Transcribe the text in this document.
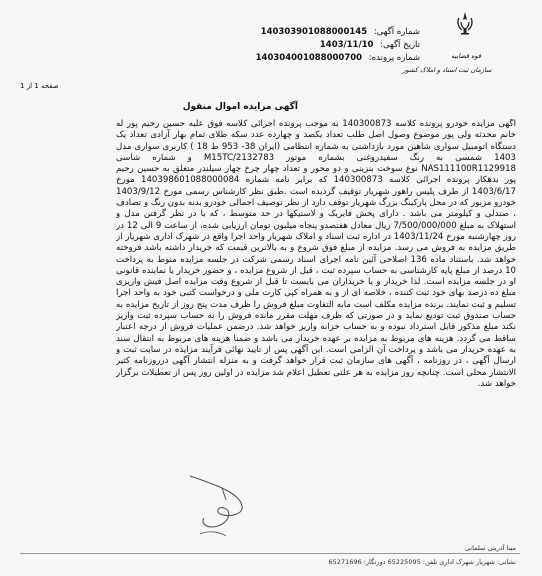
قوه قضاییه
سازمان ثبت اسناد و املاک کشور
شماره آگهی: 140303901088000145
تاریخ آگهی: 1403/11/10
شماره پرونده: 140304001088000700
صفحه 1 از 1
آگهی مزایده اموال منقول

آگهی مزایده خودرو پرونده کلاسه 140300873 به موجب پرونده اجرائی کلاسه فوق علیه حسین رحیم پور له خانم محدثه ولی پور موضوع وصول اصل طلب تعداد یکصد و چهارده عدد سکه طلای تمام بهار آزادی تعداد یک دستگاه اتومبیل سواری شاهین مورد بازداشتی به شماره انتظامی (ایران 38- 953 ط 18 ) کاربری سواری مدل 1403 شمسی به رنگ سفیدروغنی بشماره موتور M15TC/2132783 و شماره شاسی NAS111100R1129918 نوع سوخت بنزینی و دو محور و تعداد چهار چرخ چهار سیلندر متعلق به حسین رحیم پور بدهکار پرونده اجرائی کلاسه 140300873 که برابر نامه شماره 140398601088000084 مورخ 1403/6/17 از طرف پلیس راهور شهریار توقیف گردیده است .طبق نظر کارشناس رسمی مورخ 1403/9/12 خودرو مزبور که در محل پارکینگ بزرگ شهریار توقف دارد از نظر توصیف اجمالی خودرو بدنه بدون رنگ و تصادف ، صندلی و کیلومتر می باشد . دارای پخش فابریک و لاستیکها در حد متوسط ، که با در نظر گرفتن مدل و استهلاک به مبلغ 7/500/000/000 ریال معادل هفتصدو پنجاه میلیون تومان ارزیابی شده، از ساعت 9 الی 12 در روز چهارشنبه مورخ 1403/11/24 در اداره ثبت اسناد و املاک شهریار واحد اجرا واقع در شهرک اداری شهریار از طریق مزایده به فروش می رسد. مزایده از مبلغ فوق شروع و به بالاترین قیمت که خریدار داشته باشد فروخته خواهد شد. باستناد ماده 136 اصلاحی آئین نامه اجرای اسناد رسمی شرکت در جلسه مزایده منوط به پرداخت 10 درصد از مبلغ پایه کارشناسی به حساب سپرده ثبت ، قبل از شروع مزایده ، و حضور خریدار یا نماینده قانونی او در جلسه مزایده است. لذا خریدار و یا خریداران می بایست تا قبل از شروع وقت مزایده اصل فیش واریزی مبلغ ده درصد بهای خود ثبت کننده ، خلاصه ای از و به همراه کپی کارت ملی و درخواست کتبی خود به واحد اجرا تسلیم و ثبت نمایند. برنده مزایده مکلف است مابه التفاوت مبلغ فروش را ظرف مدت پنج روز از تاریخ مزایده به حساب صندوق ثبت تودیع نماید و در صورتی که ظرف مهلت مقرر مانده فروش را به حساب سپرده ثبت واریز نکند مبلغ مذکور قابل استرداد نبوده و به حساب خزانه واریز خواهد شد. درضمن عملیات فروش از درجه اعتبار ساقط می گردد. هزینه های مربوط به مزایده بر عهده خریدار می باشد و ضمنا هزینه های مربوط به انتقال سند به عهده خریدار می باشد و پرداخت آن الزامی است. این آگهی پس از تایید نهائی فرآیند مزایده در سایت ثبت و ارسال آگهی ، در روزنامه ، آگهی های سازمان ثبت قرار خواهد گرفت و به منزله انتشار آگهی درروزنامه کثیر الانتشار محلی است. چنانچه روز مزایده به هر علتی تعطیل اعلام شد مزایده در اولین روز پس از تعطیلات برگزار خواهد شد.

مینا آذرینی سلمانی
نشانی: شهریار شهرک اداری تلفن: 65225095 دورنگار: 65271696
